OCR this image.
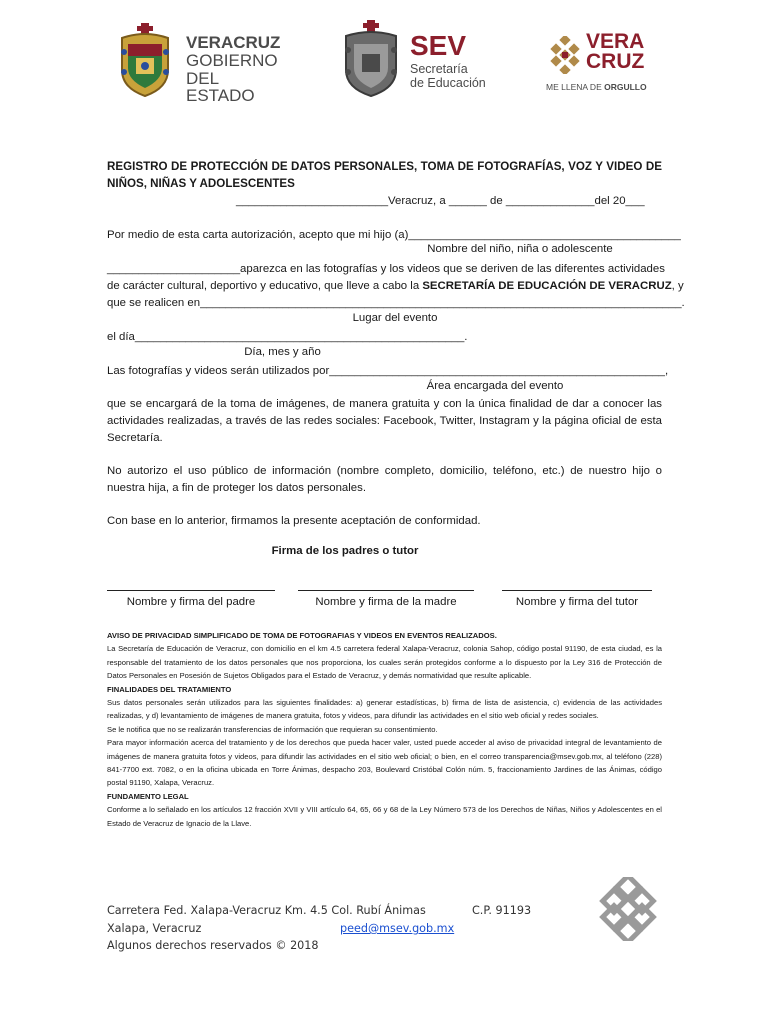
VERACRUZ
GOBIERNO
DEL ESTADO
SEV
Secretaría
de Educación
VERA
CRUZ
ME LLENA DE ORGULLO
REGISTRO DE PROTECCIÓN DE DATOS PERSONALES, TOMA DE FOTOGRAFÍAS, VOZ Y VIDEO DE NIÑOS, NIÑAS Y ADOLESCENTES
________________________Veracruz, a ______ de ______________del 20___
Por medio de esta carta autorización, acepto que mi hijo (a)___________________________________________
Nombre del niño, niña o adolescente
_____________________aparezca en las fotografías y los videos que se deriven de las diferentes actividades
de carácter cultural, deportivo y educativo, que lleve a cabo la SECRETARÍA DE EDUCACIÓN DE VERACRUZ, y
que se realicen en____________________________________________________________________________.
Lugar del evento
el día____________________________________________________.
Día, mes y año
Las fotografías y videos serán utilizados por_____________________________________________________,
Área encargada del evento
que se encargará de la toma de imágenes, de manera gratuita y con la única finalidad de dar a conocer las actividades realizadas, a través de las redes sociales: Facebook, Twitter, Instagram y la página oficial de esta Secretaría.
No autorizo el uso público de información (nombre completo, domicilio, teléfono, etc.) de nuestro hijo o nuestra hija, a fin de proteger los datos personales.
Con base en lo anterior, firmamos la presente aceptación de conformidad.
Firma de los padres o tutor
Nombre y firma del padre	Nombre y firma de la madre	Nombre y firma del tutor
AVISO DE PRIVACIDAD SIMPLIFICADO DE TOMA DE FOTOGRAFIAS Y VIDEOS EN EVENTOS REALIZADOS.
La Secretaría de Educación de Veracruz, con domicilio en el km 4.5 carretera federal Xalapa-Veracruz, colonia Sahop, código postal 91190, de esta ciudad, es la responsable del tratamiento de los datos personales que nos proporciona, los cuales serán protegidos conforme a lo dispuesto por la Ley 316 de Protección de Datos Personales en Posesión de Sujetos Obligados para el Estado de Veracruz, y demás normatividad que resulte aplicable.
FINALIDADES DEL TRATAMIENTO
Sus datos personales serán utilizados para las siguientes finalidades: a) generar estadísticas, b) firma de lista de asistencia, c) evidencia de las actividades realizadas, y d) levantamiento de imágenes de manera gratuita, fotos y videos, para difundir las actividades en el sitio web oficial y redes sociales.
Se le notifica que no se realizarán transferencias de información que requieran su consentimiento.
Para mayor información acerca del tratamiento y de los derechos que pueda hacer valer, usted puede acceder al aviso de privacidad integral de levantamiento de imágenes de manera gratuita fotos y videos, para difundir las actividades en el sitio web oficial; o bien, en el correo transparencia@msev.gob.mx, al teléfono (228) 841-7700 ext. 7082, o en la oficina ubicada en Torre Ánimas, despacho 203, Boulevard Cristóbal Colón núm. 5, fraccionamiento Jardines de las Ánimas, código postal 91190, Xalapa, Veracruz.
FUNDAMENTO LEGAL
Conforme a lo señalado en los artículos 12 fracción XVII y VIII artículo 64, 65, 66 y 68 de la Ley Número 573 de los Derechos de Niñas, Niños y Adolescentes en el Estado de Veracruz de Ignacio de la Llave.
Carretera Fed. Xalapa-Veracruz Km. 4.5 Col. Rubí Ánimas	C.P. 91193
Xalapa, Veracruz	peed@msev.gob.mx
Algunos derechos reservados © 2018
